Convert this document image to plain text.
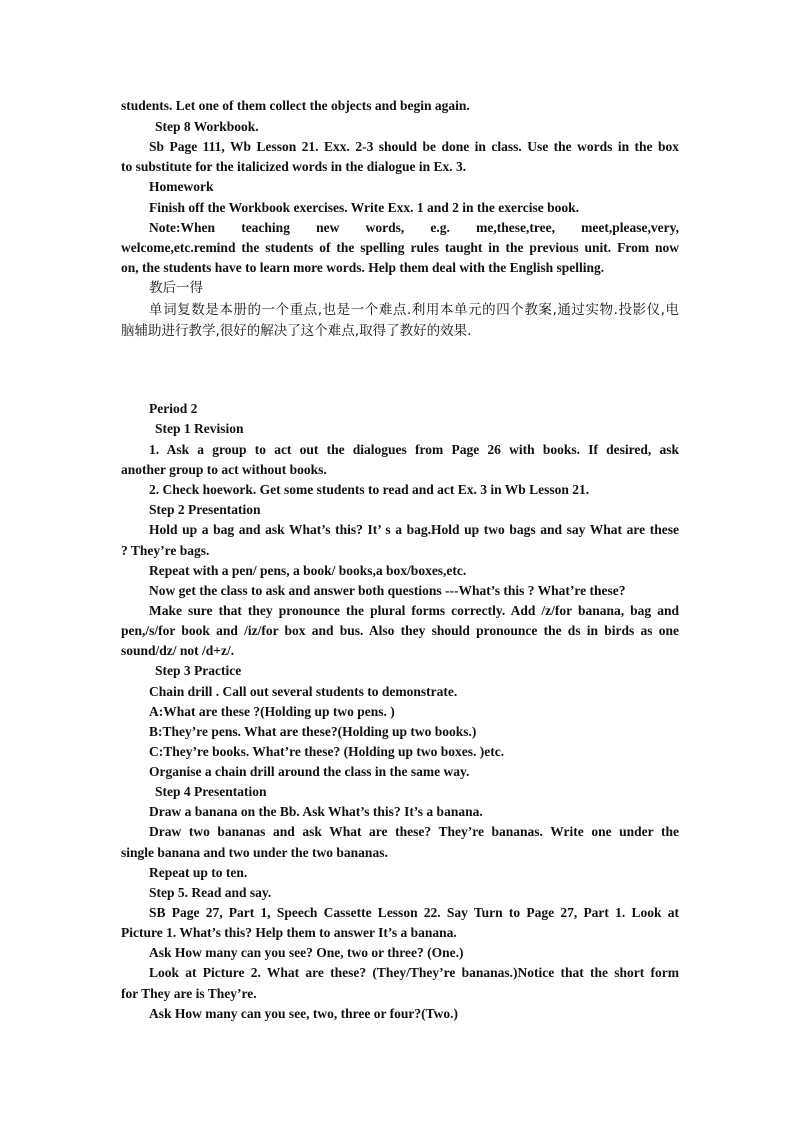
students. Let one of them collect the objects and begin again.
Step 8 Workbook.
Sb Page 111, Wb Lesson 21. Exx. 2-3 should be done in class. Use the words in the box
to substitute for the italicized words in the dialogue in Ex. 3.
Homework
Finish off the Workbook exercises. Write Exx. 1 and 2 in the exercise book.
Note:When teaching new words, e.g. me,these,tree, meet,please,very,
welcome,etc.remind the students of the spelling rules taught in the previous unit. From now
on, the students have to learn more words. Help them deal with the English spelling.
教后一得
单词复数是本册的一个重点,也是一个难点.利用本单元的四个教案,通过实物.投影仪,电
脑辅助进行教学,很好的解决了这个难点,取得了教好的效果.
Period 2
Step 1 Revision
1. Ask a group to act out the dialogues from Page 26 with books. If desired, ask
another group to act without books.
2. Check hoework. Get some students to read and act Ex. 3 in Wb Lesson 21.
Step 2 Presentation
Hold up a bag and ask What’s this? It’ s a bag.Hold up two bags and say What are these
? They’re bags.
Repeat with a pen/ pens, a book/ books,a box/boxes,etc.
Now get the class to ask and answer both questions ---What’s this ? What’re these?
Make sure that they pronounce the plural forms correctly. Add /z/for banana, bag and
pen,/s/for book and /iz/for box and bus. Also they should pronounce the ds in birds as one
sound/dz/ not /d+z/.
Step 3 Practice
Chain drill . Call out several students to demonstrate.
A:What are these ?(Holding up two pens. )
B:They’re pens. What are these?(Holding up two books.)
C:They’re books. What’re these? (Holding up two boxes. )etc.
Organise a chain drill around the class in the same way.
Step 4 Presentation
Draw a banana on the Bb. Ask What’s this? It’s a banana.
Draw two bananas and ask What are these? They’re bananas. Write one under the
single banana and two under the two bananas.
Repeat up to ten.
Step 5. Read and say.
SB Page 27, Part 1, Speech Cassette Lesson 22. Say Turn to Page 27, Part 1. Look at
Picture 1. What’s this? Help them to answer It’s a banana.
Ask How many can you see? One, two or three? (One.)
Look at Picture 2. What are these? (They/They’re bananas.)Notice that the short form
for They are is They’re.
Ask How many can you see, two, three or four?(Two.)
